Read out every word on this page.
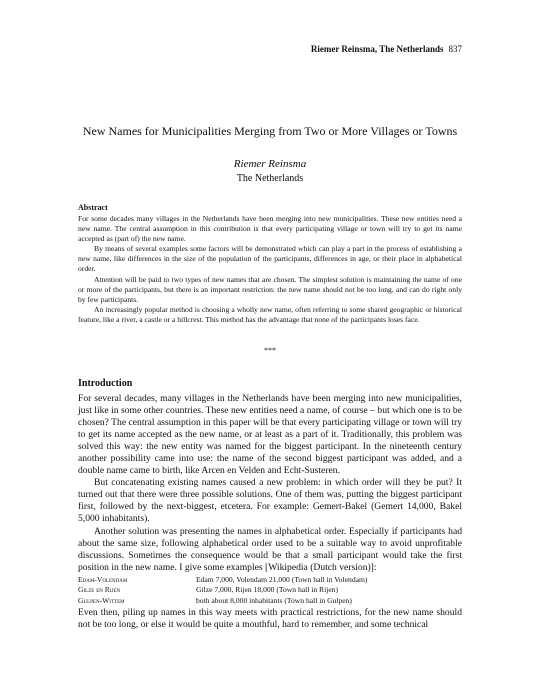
Riemer Reinsma, The Netherlands 837
New Names for Municipalities Merging from Two or More Villages or Towns
Riemer Reinsma
The Netherlands
Abstract

For some decades many villages in the Netherlands have been merging into new municipalities. These new entities need a new name. The central assumption in this contribution is that every participating village or town will try to get its name accepted as (part of) the new name.

By means of several examples some factors will be demonstrated which can play a part in the process of establishing a new name, like differences in the size of the population of the participants, differences in age, or their place in alphabetical order.

Attention will be paid to two types of new names that are chosen. The simplest solution is maintaining the name of one or more of the participants, but there is an important restriction: the new name should not be too long, and can do right only by few participants.

An increasingly popular method is choosing a wholly new name, often referring to some shared geographic or historical feature, like a river, a castle or a hillcrest. This method has the advantage that none of the participants loses face.

***
Introduction

For several decades, many villages in the Netherlands have been merging into new municipalities, just like in some other countries. These new entities need a name, of course – but which one is to be chosen? The central assumption in this paper will be that every participating village or town will try to get its name accepted as the new name, or at least as a part of it. Traditionally, this problem was solved this way: the new entity was named for the biggest participant. In the nineteenth century another possibility came into use: the name of the second biggest participant was added, and a double name came to birth, like Arcen en Velden and Echt-Susteren.

But concatenating existing names caused a new problem: in which order will they be put? It turned out that there were three possible solutions. One of them was, putting the biggest participant first, followed by the next-biggest, etcetera. For example: Gemert-Bakel (Gemert 14,000, Bakel 5,000 inhabitants).

Another solution was presenting the names in alphabetical order. Especially if participants had about the same size, following alphabetical order used to be a suitable way to avoid unprofitable discussions. Sometimes the consequence would be that a small participant would take the first position in the new name. I give some examples [Wikipedia (Dutch version)]:

Edam-Volendam	Edam 7,000, Volendam 21.000 (Town hall in Volendam)
Gilze en Rijen	Gilze 7,000, Rijen 18,000 (Town hall in Rijen)
Gulpen-Wittem	both about 8,000 inhabitants (Town hall in Gulpen)

Even then, piling up names in this way meets with practical restrictions, for the new name should not be too long, or else it would be quite a mouthful, hard to remember, and some technical
